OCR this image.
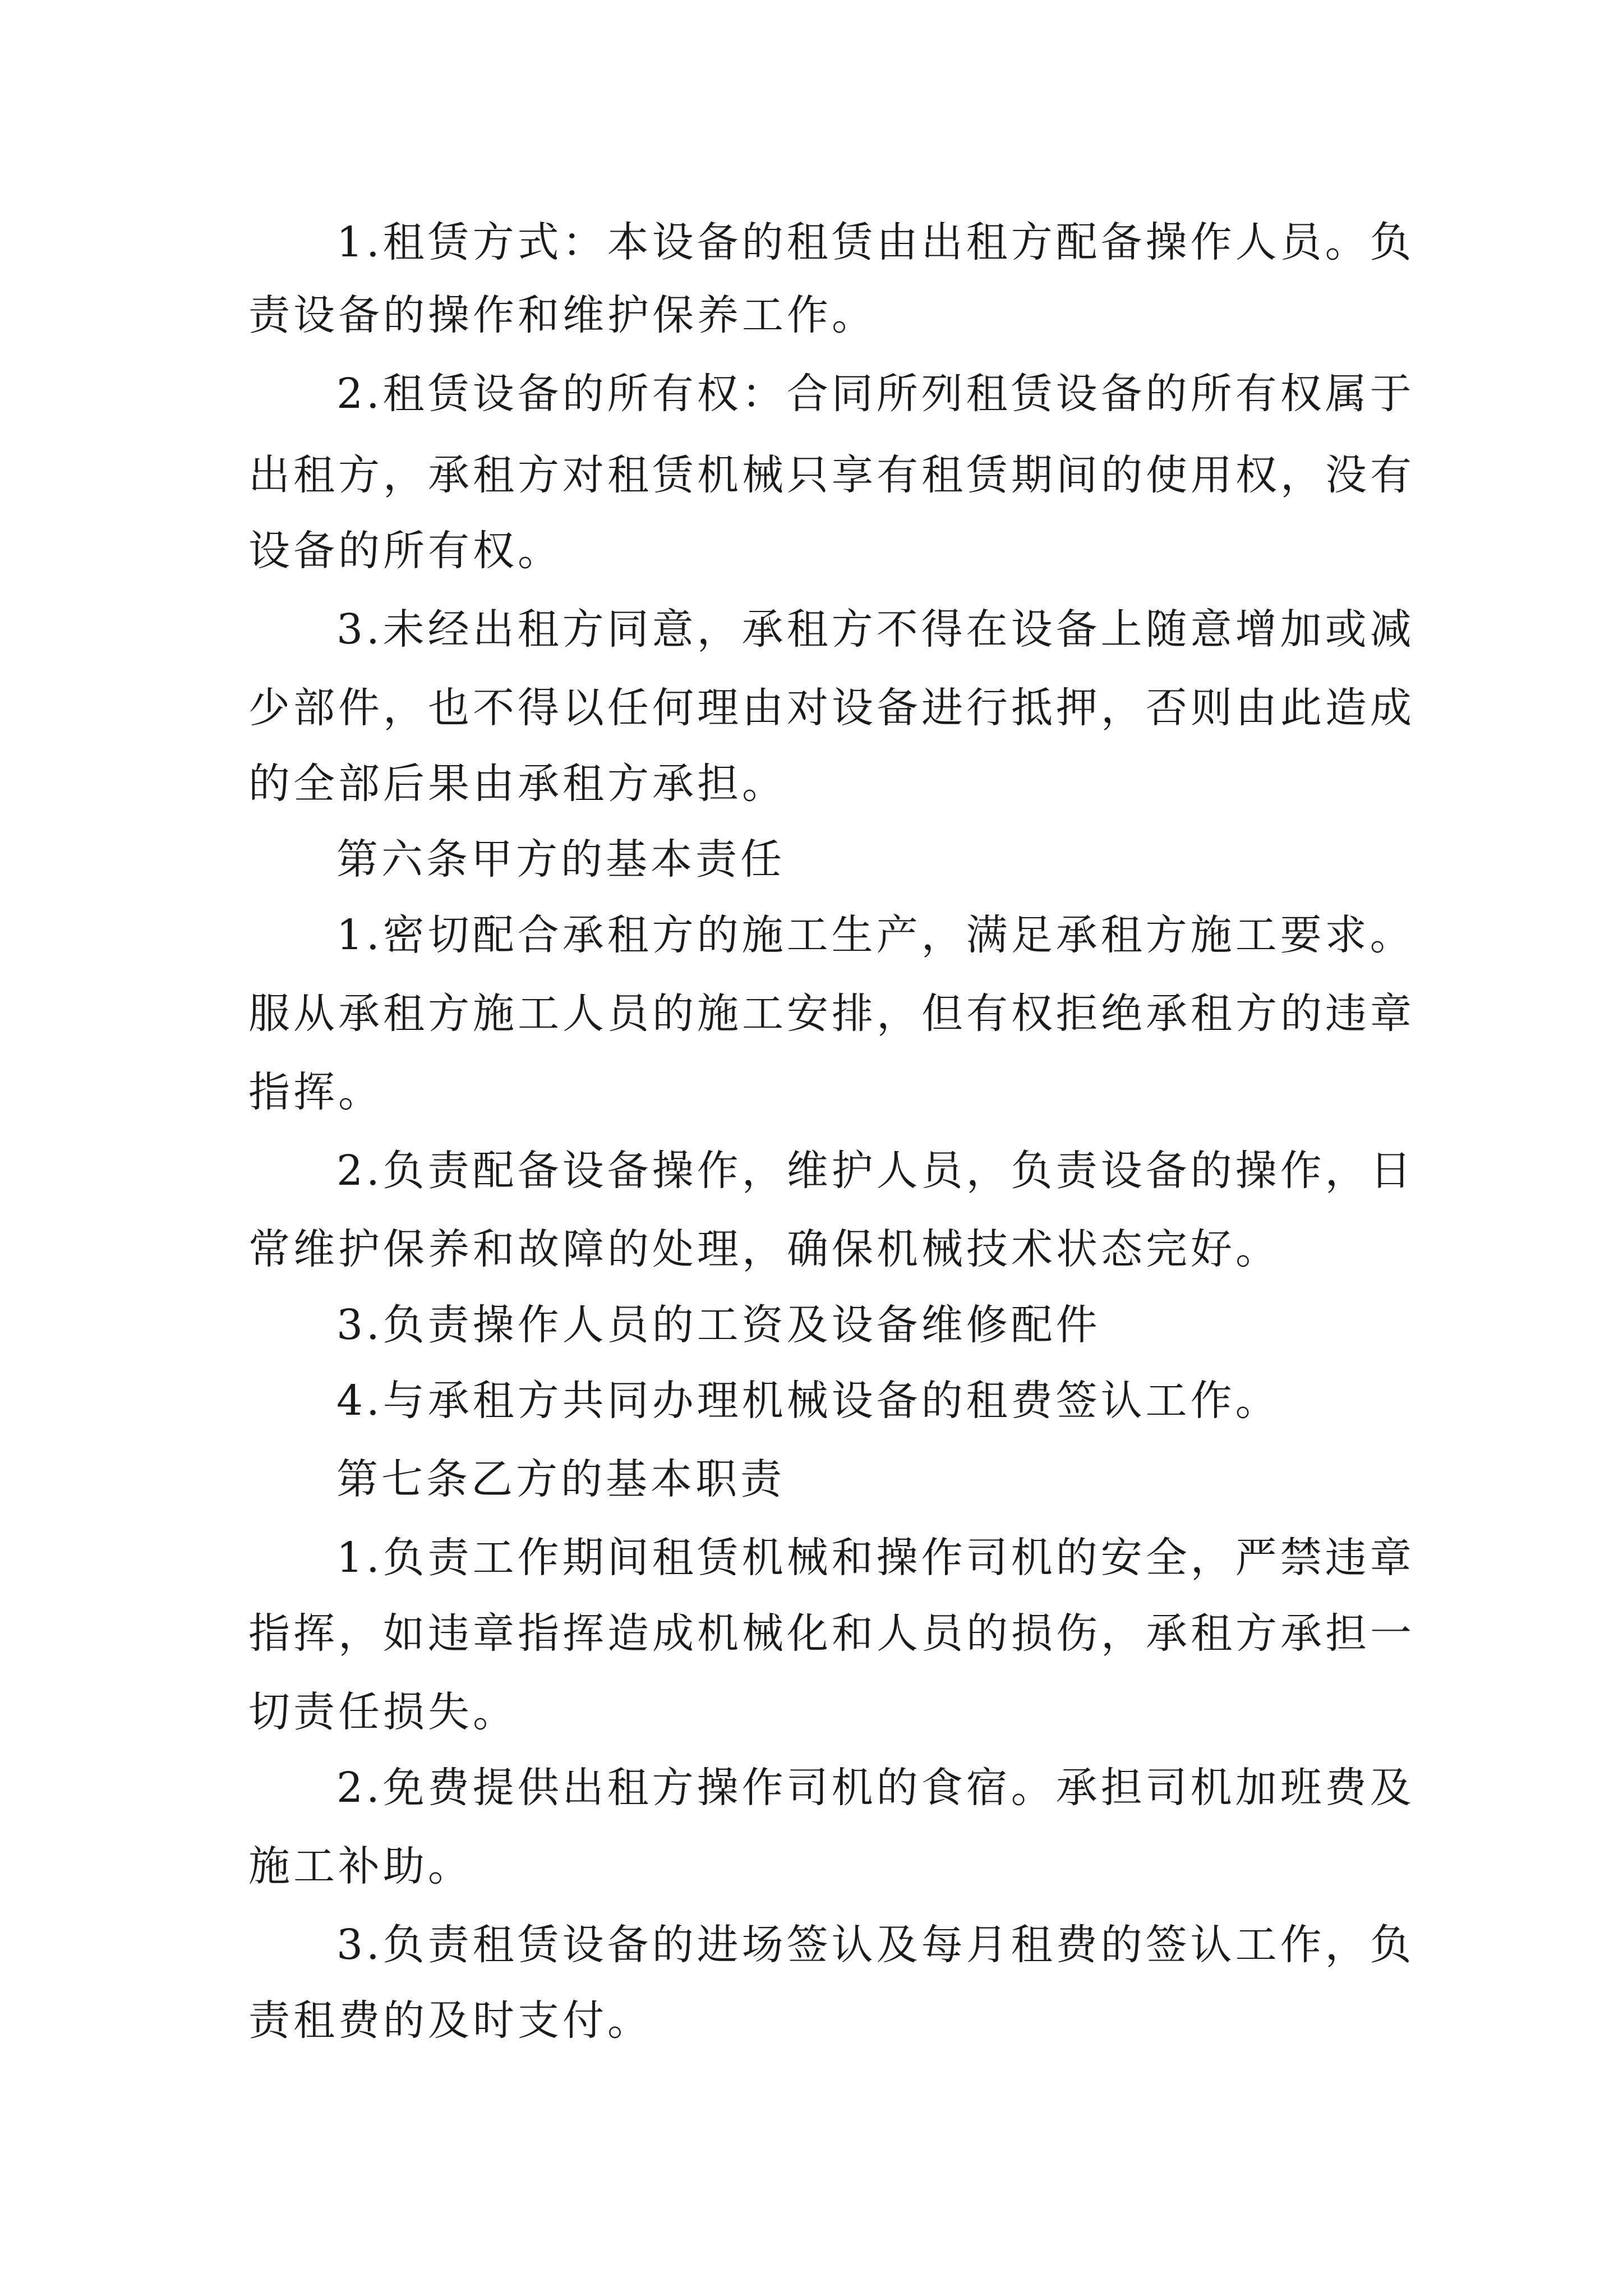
1.租赁方式：本设备的租赁由出租方配备操作人员。负
责设备的操作和维护保养工作。
2.租赁设备的所有权：合同所列租赁设备的所有权属于
出租方，承租方对租赁机械只享有租赁期间的使用权，没有
设备的所有权。
3.未经出租方同意，承租方不得在设备上随意增加或减
少部件，也不得以任何理由对设备进行抵押，否则由此造成
的全部后果由承租方承担。
第六条甲方的基本责任
1.密切配合承租方的施工生产，满足承租方施工要求。
服从承租方施工人员的施工安排，但有权拒绝承租方的违章
指挥。
2.负责配备设备操作，维护人员，负责设备的操作，日
常维护保养和故障的处理，确保机械技术状态完好。
3.负责操作人员的工资及设备维修配件
4.与承租方共同办理机械设备的租费签认工作。
第七条乙方的基本职责
1.负责工作期间租赁机械和操作司机的安全，严禁违章
指挥，如违章指挥造成机械化和人员的损伤，承租方承担一
切责任损失。
2.免费提供出租方操作司机的食宿。承担司机加班费及
施工补助。
3.负责租赁设备的进场签认及每月租费的签认工作，负
责租费的及时支付。
